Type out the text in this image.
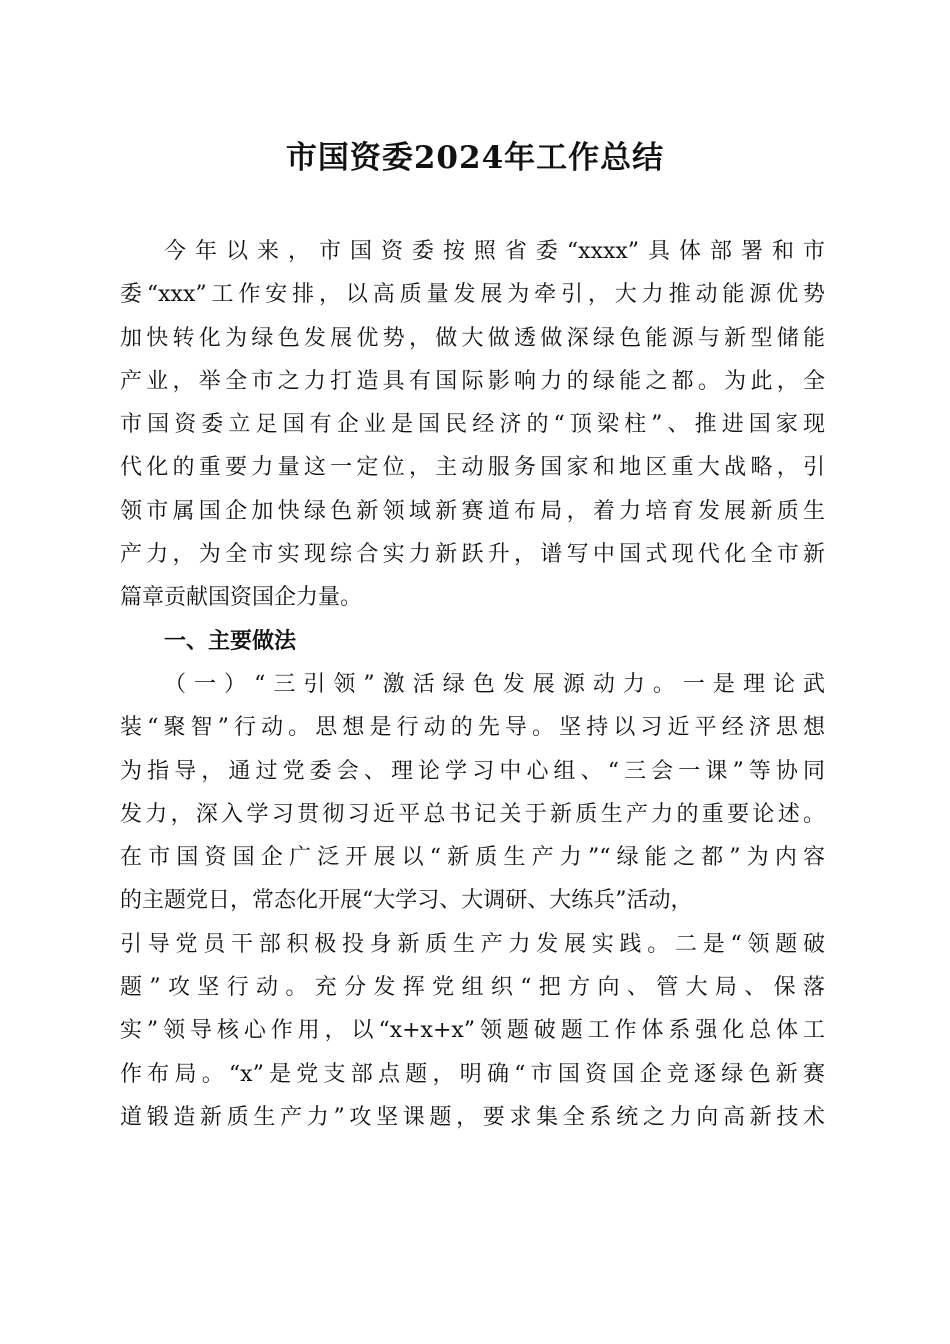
市国资委2024年工作总结
今年以来，市国资委按照省委“xxxx”具体部署和市
委“xxx”工作安排，以高质量发展为牵引，大力推动能源优势
加快转化为绿色发展优势，做大做透做深绿色能源与新型储能
产业，举全市之力打造具有国际影响力的绿能之都。为此，全
市国资委立足国有企业是国民经济的“顶梁柱”、推进国家现
代化的重要力量这一定位，主动服务国家和地区重大战略，引
领市属国企加快绿色新领域新赛道布局，着力培育发展新质生
产力，为全市实现综合实力新跃升，谱写中国式现代化全市新
篇章贡献国资国企力量。
一、主要做法
（一）“三引领”激活绿色发展源动力。一是理论武
装“聚智”行动。思想是行动的先导。坚持以习近平经济思想
为指导，通过党委会、理论学习中心组、“三会一课”等协同
发力，深入学习贯彻习近平总书记关于新质生产力的重要论述。
在市国资国企广泛开展以“新质生产力”“绿能之都”为内容
的主题党日，常态化开展“大学习、大调研、大练兵”活动，
引导党员干部积极投身新质生产力发展实践。二是“领题破
题”攻坚行动。充分发挥党组织“把方向、管大局、保落
实”领导核心作用，以“x+x+x”领题破题工作体系强化总体工
作布局。“x”是党支部点题，明确“市国资国企竞逐绿色新赛
道锻造新质生产力”攻坚课题，要求集全系统之力向高新技术
